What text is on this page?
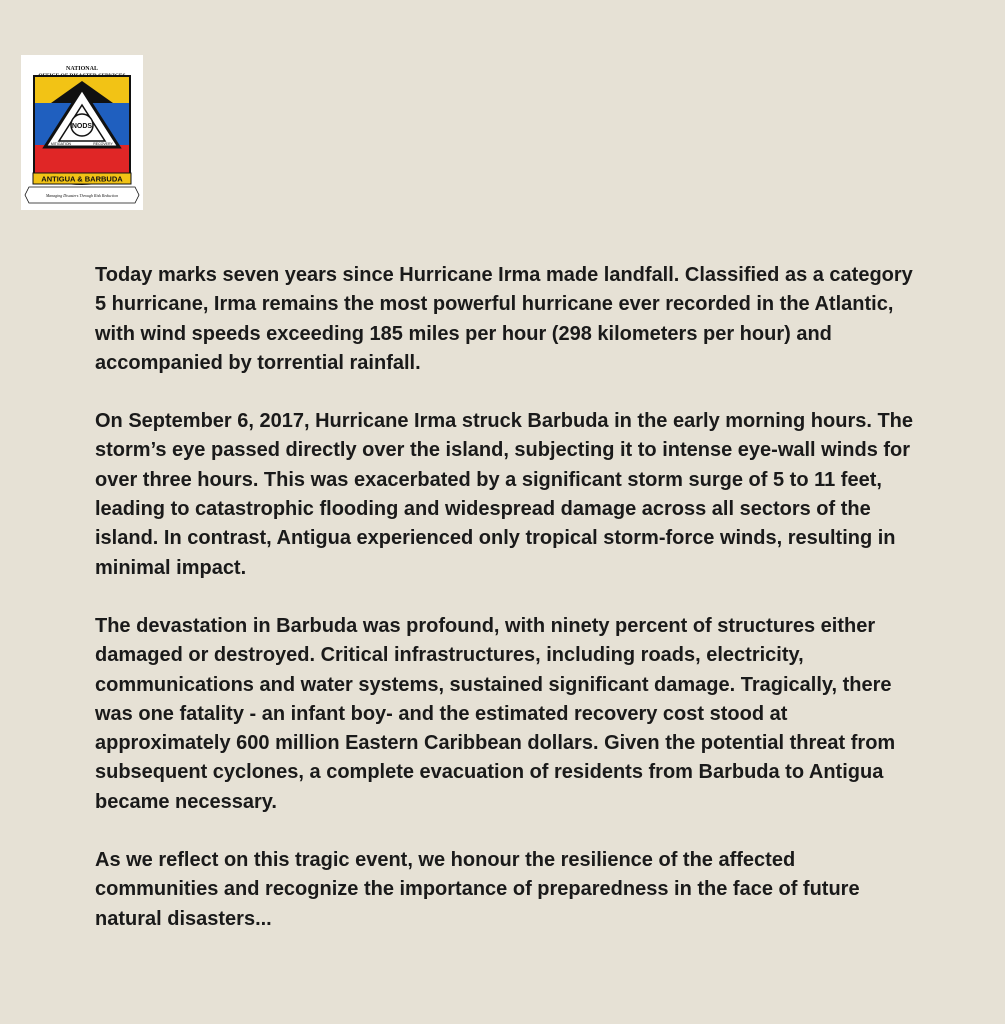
NODS
MITIGATION	RECOVERY
NATIONAL
OFFICE OF DISASTER SERVICES
ANTIGUA & BARBUDA
Managing Disasters Through Risk Reduction

Today marks seven years since Hurricane Irma made landfall. Classified as a category 5 hurricane, Irma remains the most powerful hurricane ever recorded in the Atlantic, with wind speeds exceeding 185 miles per hour (298 kilometers per hour) and accompanied by torrential rainfall.

On September 6, 2017, Hurricane Irma struck Barbuda in the early morning hours. The storm’s eye passed directly over the island, subjecting it to intense eye-wall winds for over three hours. This was exacerbated by a significant storm surge of 5 to 11 feet, leading to catastrophic flooding and widespread damage across all sectors of the island. In contrast, Antigua experienced only tropical storm-force winds, resulting in minimal impact.

The devastation in Barbuda was profound, with ninety percent of structures either damaged or destroyed. Critical infrastructures, including roads, electricity, communications and water systems, sustained significant damage. Tragically, there was one fatality - an infant boy- and the estimated recovery cost stood at approximately 600 million Eastern Caribbean dollars. Given the potential threat from subsequent cyclones, a complete evacuation of residents from Barbuda to Antigua became necessary.

As we reflect on this tragic event, we honour the resilience of the affected communities and recognize the importance of preparedness in the face of future natural disasters...
